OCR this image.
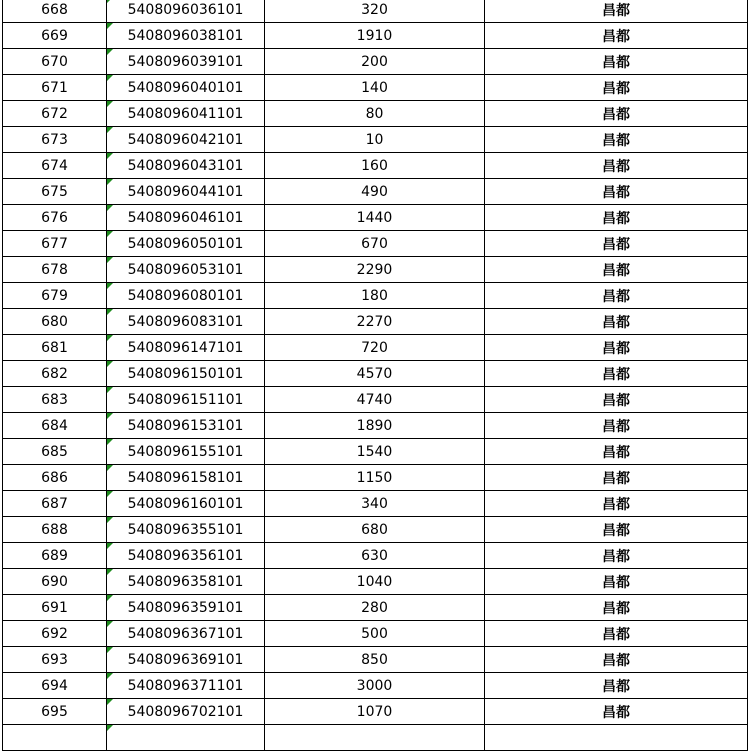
668	5408096036101	320	昌都
669	5408096038101	1910	昌都
670	5408096039101	200	昌都
671	5408096040101	140	昌都
672	5408096041101	80	昌都
673	5408096042101	10	昌都
674	5408096043101	160	昌都
675	5408096044101	490	昌都
676	5408096046101	1440	昌都
677	5408096050101	670	昌都
678	5408096053101	2290	昌都
679	5408096080101	180	昌都
680	5408096083101	2270	昌都
681	5408096147101	720	昌都
682	5408096150101	4570	昌都
683	5408096151101	4740	昌都
684	5408096153101	1890	昌都
685	5408096155101	1540	昌都
686	5408096158101	1150	昌都
687	5408096160101	340	昌都
688	5408096355101	680	昌都
689	5408096356101	630	昌都
690	5408096358101	1040	昌都
691	5408096359101	280	昌都
692	5408096367101	500	昌都
693	5408096369101	850	昌都
694	5408096371101	3000	昌都
695	5408096702101	1070	昌都
